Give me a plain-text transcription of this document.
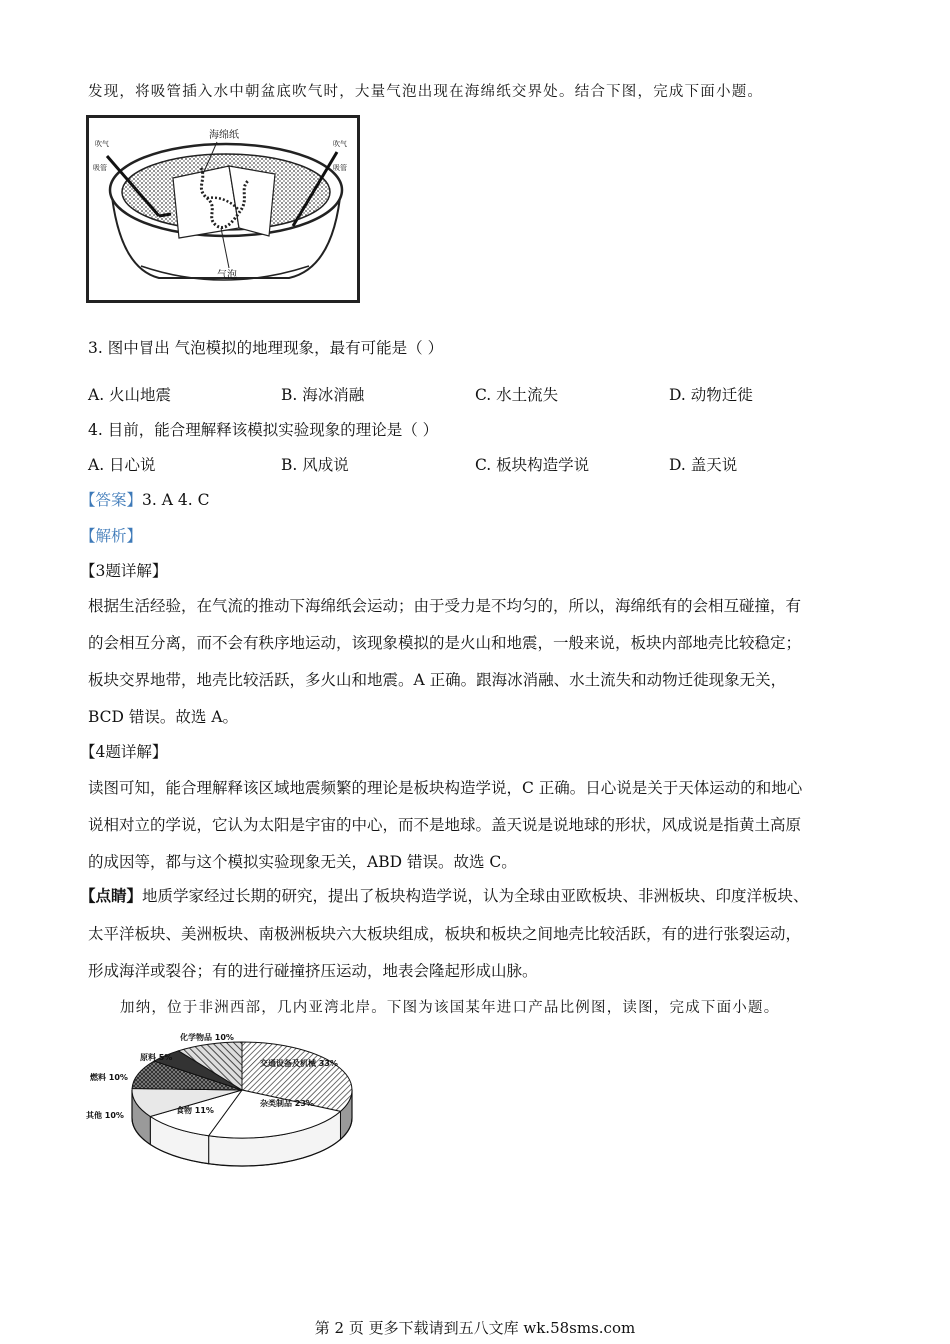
发现，将吸管插入水中朝盆底吹气时，大量气泡出现在海绵纸交界处。结合下图，完成下面小题。
海绵纸
气泡
吹气
吸管
吹气
吸管
3. 图中冒出 气泡模拟的地理现象，最有可能是（ ）
A. 火山地震	B. 海冰消融	C. 水土流失	D. 动物迁徙
4. 目前，能合理解释该模拟实验现象的理论是（ ）
A. 日心说	B. 风成说	C. 板块构造学说	D. 盖天说
【答案】3. A 4. C
【解析】
【3题详解】
根据生活经验，在气流的推动下海绵纸会运动；由于受力是不均匀的，所以，海绵纸有的会相互碰撞，有
的会相互分离，而不会有秩序地运动，该现象模拟的是火山和地震，一般来说，板块内部地壳比较稳定；
板块交界地带，地壳比较活跃，多火山和地震。A 正确。跟海冰消融、水土流失和动物迁徙现象无关，
BCD 错误。故选 A。
【4题详解】
读图可知，能合理解释该区域地震频繁的理论是板块构造学说，C 正确。日心说是关于天体运动的和地心
说相对立的学说，它认为太阳是宇宙的中心，而不是地球。盖天说是说地球的形状，风成说是指黄土高原
的成因等，都与这个模拟实验现象无关，ABD 错误。故选 C。
【点睛】地质学家经过长期的研究，提出了板块构造学说，认为全球由亚欧板块、非洲板块、印度洋板块、
太平洋板块、美洲板块、南极洲板块六大板块组成，板块和板块之间地壳比较活跃，有的进行张裂运动，
形成海洋或裂谷；有的进行碰撞挤压运动，地表会隆起形成山脉。
加纳，位于非洲西部，几内亚湾北岸。下图为该国某年进口产品比例图，读图，完成下面小题。
交通设备及机械 33%
杂类制品 23%
食物 11%
其他 10%
燃料 10%
原料 5%
化学物品 10%
第 2 页 更多下载请到五八文库 wk.58sms.com
